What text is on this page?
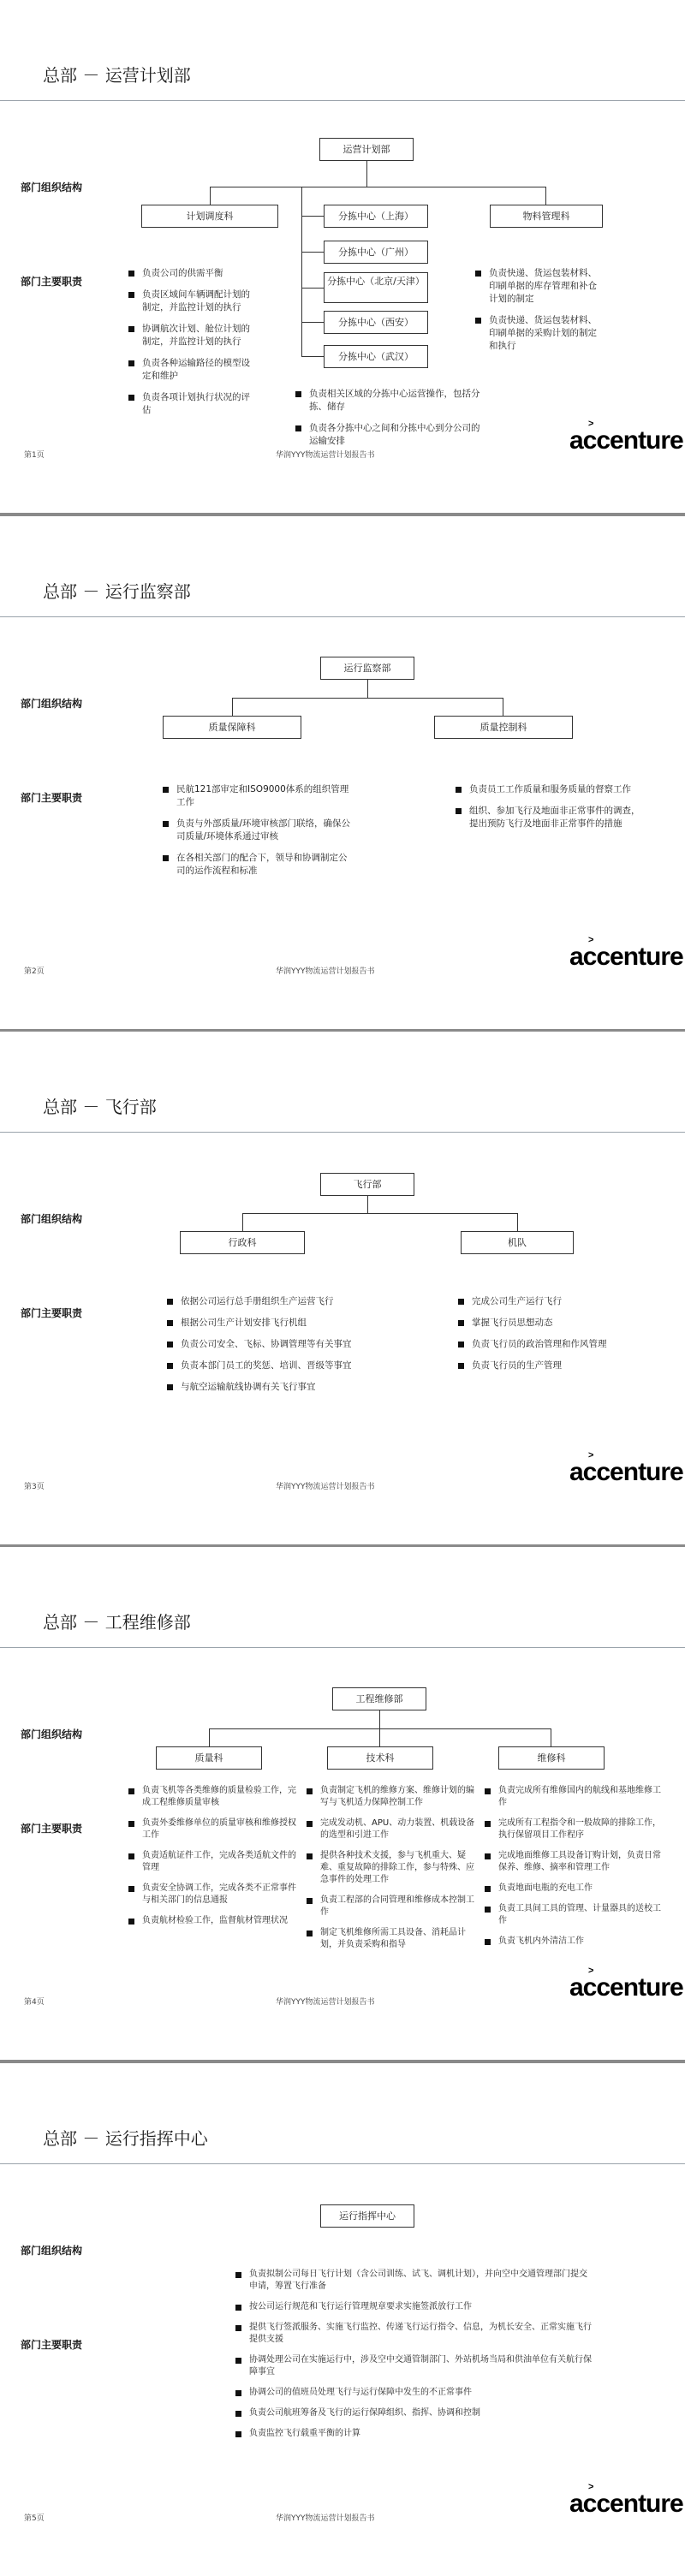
总部 － 运营计划部
部门组织结构
部门主要职责
运营计划部
计划调度科	分拣中心（上海）
分拣中心（广州）
分拣中心（北京/天津）
分拣中心（西安）
分拣中心（武汉）
物料管理科
负责公司的供需平衡
负责区域间车辆调配计划的制定，并监控计划的执行
协调航次计划、舱位计划的制定，并监控计划的执行
负责各种运输路径的模型设定和维护
负责各项计划执行状况的评估
负责相关区域的分拣中心运营操作，包括分拣、储存
负责各分拣中心之间和分拣中心到分公司的运输安排
负责快递、货运包装材料、印刷单据的库存管理和补仓计划的制定
负责快递、货运包装材料、印刷单据的采购计划的制定和执行
第1页	华润YYY物流运营计划报告书
accenture
>
总部 － 运行监察部
部门组织结构
部门主要职责
运行监察部
质量保障科	质量控制科
民航121部审定和ISO9000体系的组织管理工作
负责与外部质量/环境审核部门联络，确保公司质量/环境体系通过审核
在各相关部门的配合下，领导和协调制定公司的运作流程和标准
负责员工工作质量和服务质量的督察工作
组织、参加飞行及地面非正常事件的调查，提出预防飞行及地面非正常事件的措施
第2页	华润YYY物流运营计划报告书
accenture
>
总部 － 飞行部
部门组织结构
部门主要职责
飞行部
行政科	机队
依据公司运行总手册组织生产运营飞行
根据公司生产计划安排飞行机组
负责公司安全、飞标、协调管理等有关事宜
负责本部门员工的奖惩、培训、晋级等事宜
与航空运输航线协调有关飞行事宜
完成公司生产运行飞行
掌握飞行员思想动态
负责飞行员的政治管理和作风管理
负责飞行员的生产管理
第3页	华润YYY物流运营计划报告书
accenture
>
总部 － 工程维修部
部门组织结构
部门主要职责
工程维修部
质量科	技术科	维修科
负责飞机等各类维修的质量检验工作，完成工程维修质量审核
负责外委维修单位的质量审核和维修授权工作
负责适航证件工作，完成各类适航文件的管理
负责安全协调工作，完成各类不正常事件与相关部门的信息通报
负责航材检验工作，监督航材管理状况
负责制定飞机的维修方案、维修计划的编写与飞机适力保障控制工作
完成发动机、APU、动力装置、机载设备的选型和引进工作
提供各种技术支援，参与飞机重大、疑难、重复故障的排除工作，参与特殊、应急事件的处理工作
负责工程部的合同管理和维修成本控制工作
制定飞机维修所需工具设备、消耗品计划，并负责采购和指导
负责完成所有维修国内的航线和基地维修工作
完成所有工程指令和一般故障的排除工作，执行保留项目工作程序
完成地面维修工具设备订购计划，负责日常保养、维修、摘率和管理工作
负责地面电瓶的充电工作
负责工具间工具的管理、计量器具的送校工作
负责飞机内外清洁工作
第4页	华润YYY物流运营计划报告书
accenture
>
总部 － 运行指挥中心
部门组织结构
部门主要职责
运行指挥中心
负责拟制公司每日飞行计划（含公司训练、试飞、调机计划），并向空中交通管理部门提交申请，筹置飞行准备
按公司运行规范和飞行运行管理规章要求实施签派放行工作
提供飞行签派服务、实施飞行监控、传递飞行运行指令、信息，为机长安全、正常实施飞行提供支援
协调处理公司在实施运行中，涉及空中交通管制部门、外站机场当局和供油单位有关航行保障事宜
协调公司的值班员处理飞行与运行保障中发生的不正常事件
负责公司航班筹备及飞行的运行保障组织、指挥、协调和控制
负责监控飞行载重平衡的计算
第5页	华润YYY物流运营计划报告书
accenture
>
